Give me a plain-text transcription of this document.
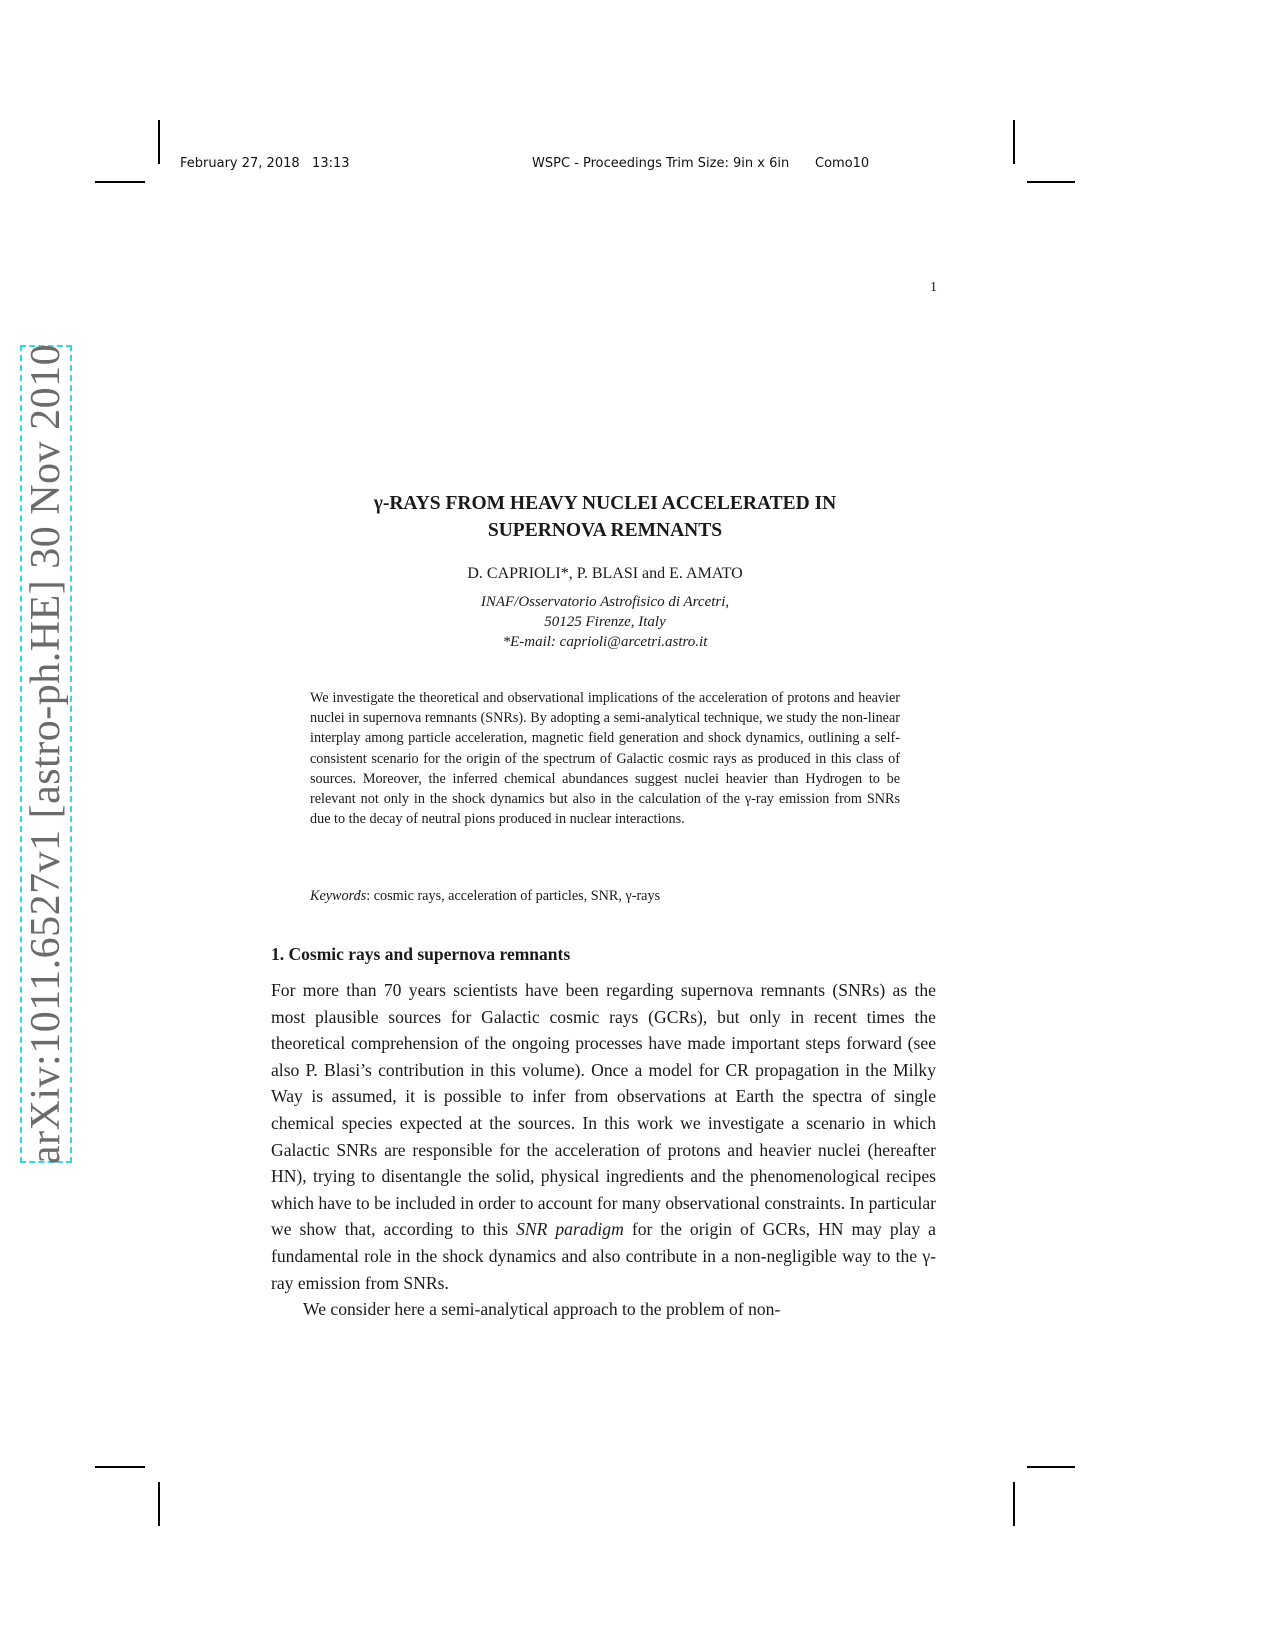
February 27, 2018 13:13	WSPC - Proceedings Trim Size: 9in x 6in Como10
1
arXiv:1011.6527v1 [astro-ph.HE] 30 Nov 2010	γ-RAYS FROM HEAVY NUCLEI ACCELERATED IN
SUPERNOVA REMNANTS
D. CAPRIOLI*, P. BLASI and E. AMATO
INAF/Osservatorio Astrofisico di Arcetri,
50125 Firenze, Italy
*E-mail: caprioli@arcetri.astro.it
We investigate the theoretical and observational implications of the acceleration of protons and heavier nuclei in supernova remnants (SNRs). By adopting a semi-analytical technique, we study the non-linear interplay among particle acceleration, magnetic field generation and shock dynamics, outlining a self-consistent scenario for the origin of the spectrum of Galactic cosmic rays as produced in this class of sources. Moreover, the inferred chemical abundances suggest nuclei heavier than Hydrogen to be relevant not only in the shock dynamics but also in the calculation of the γ-ray emission from SNRs due to the decay of neutral pions produced in nuclear interactions.
Keywords: cosmic rays, acceleration of particles, SNR, γ-rays
1. Cosmic rays and supernova remnants

For more than 70 years scientists have been regarding supernova remnants (SNRs) as the most plausible sources for Galactic cosmic rays (GCRs), but only in recent times the theoretical comprehension of the ongoing processes have made important steps forward (see also P. Blasi’s contribution in this volume). Once a model for CR propagation in the Milky Way is assumed, it is possible to infer from observations at Earth the spectra of single chemical species expected at the sources. In this work we investigate a scenario in which Galactic SNRs are responsible for the acceleration of protons and heavier nuclei (hereafter HN), trying to disentangle the solid, physical ingredients and the phenomenological recipes which have to be included in order to account for many observational constraints. In particular we show that, according to this SNR paradigm for the origin of GCRs, HN may play a fundamental role in the shock dynamics and also contribute in a non-negligible way to the γ-ray emission from SNRs.

We consider here a semi-analytical approach to the problem of non-
